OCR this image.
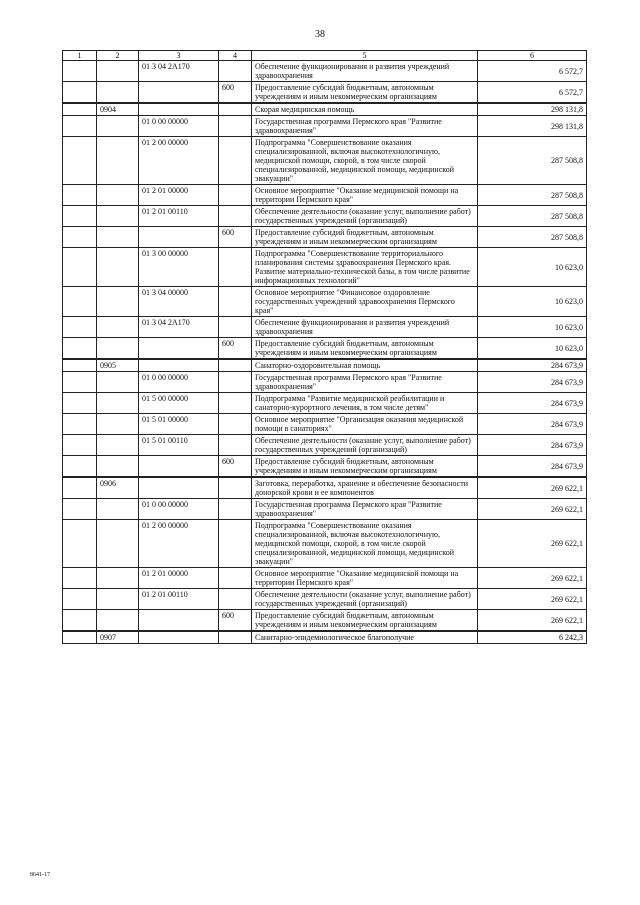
38
1	2	3	4	5	6
		01 3 04 2A170		Обеспечение функционирования и развития учреждений здравоохранения	6 572,7
			600	Предоставление субсидий бюджетным, автономным учреждениям и иным некоммерческим организациям	6 572,7
	0904			Скорая медицинская помощь	298 131,8
		01 0 00 00000		Государственная программа Пермского края "Развитие здравоохранения"	298 131,8
		01 2 00 00000		Подпрограмма "Совершенствование оказания специализированной, включая высокотехнологичную, медицинской помощи, скорой, в том числе скорой специализированной, медицинской помощи, медицинской эвакуации"	287 508,8
		01 2 01 00000		Основное мероприятие "Оказание медицинской помощи на территории Пермского края"	287 508,8
		01 2 01 00110		Обеспечение деятельности (оказание услуг, выполнение работ) государственных учреждений (организаций)	287 508,8
			600	Предоставление субсидий бюджетным, автономным учреждениям и иным некоммерческим организациям	287 508,8
		01 3 00 00000		Подпрограмма "Совершенствование территориального планирования системы здравоохранения Пермского края. Развитие материально-технической базы, в том числе развитие информационных технологий"	10 623,0
		01 3 04 00000		Основное мероприятие "Финансовое оздоровление государственных учреждений здравоохранения Пермского края"	10 623,0
		01 3 04 2A170		Обеспечение функционирования и развития учреждений здравоохранения	10 623,0
			600	Предоставление субсидий бюджетным, автономным учреждениям и иным некоммерческим организациям	10 623,0
	0905			Санаторно-оздоровительная помощь	284 673,9
		01 0 00 00000		Государственная программа Пермского края "Развитие здравоохранения"	284 673,9
		01 5 00 00000		Подпрограмма "Развитие медицинской реабилитации и санаторно-курортного лечения, в том числе детям"	284 673,9
		01 5 01 00000		Основное мероприятие "Организация оказания медицинской помощи в санаториях"	284 673,9
		01 5 01 00110		Обеспечение деятельности (оказание услуг, выполнение работ) государственных учреждений (организаций)	284 673,9
			600	Предоставление субсидий бюджетным, автономным учреждениям и иным некоммерческим организациям	284 673,9
	0906			Заготовка, переработка, хранение и обеспечение безопасности донорской крови и ее компонентов	269 622,1
		01 0 00 00000		Государственная программа Пермского края "Развитие здравоохранения"	269 622,1
		01 2 00 00000		Подпрограмма "Совершенствование оказания специализированной, включая высокотехнологичную, медицинской помощи, скорой, в том числе скорой специализированной, медицинской помощи, медицинской эвакуации"	269 622,1
		01 2 01 00000		Основное мероприятие "Оказание медицинской помощи на территории Пермского края"	269 622,1
		01 2 01 00110		Обеспечение деятельности (оказание услуг, выполнение работ) государственных учреждений (организаций)	269 622,1
			600	Предоставление субсидий бюджетным, автономным учреждениям и иным некоммерческим организациям	269 622,1
	0907			Санитарно-эпидемиологическое благополучие	6 242,3
8641-17
